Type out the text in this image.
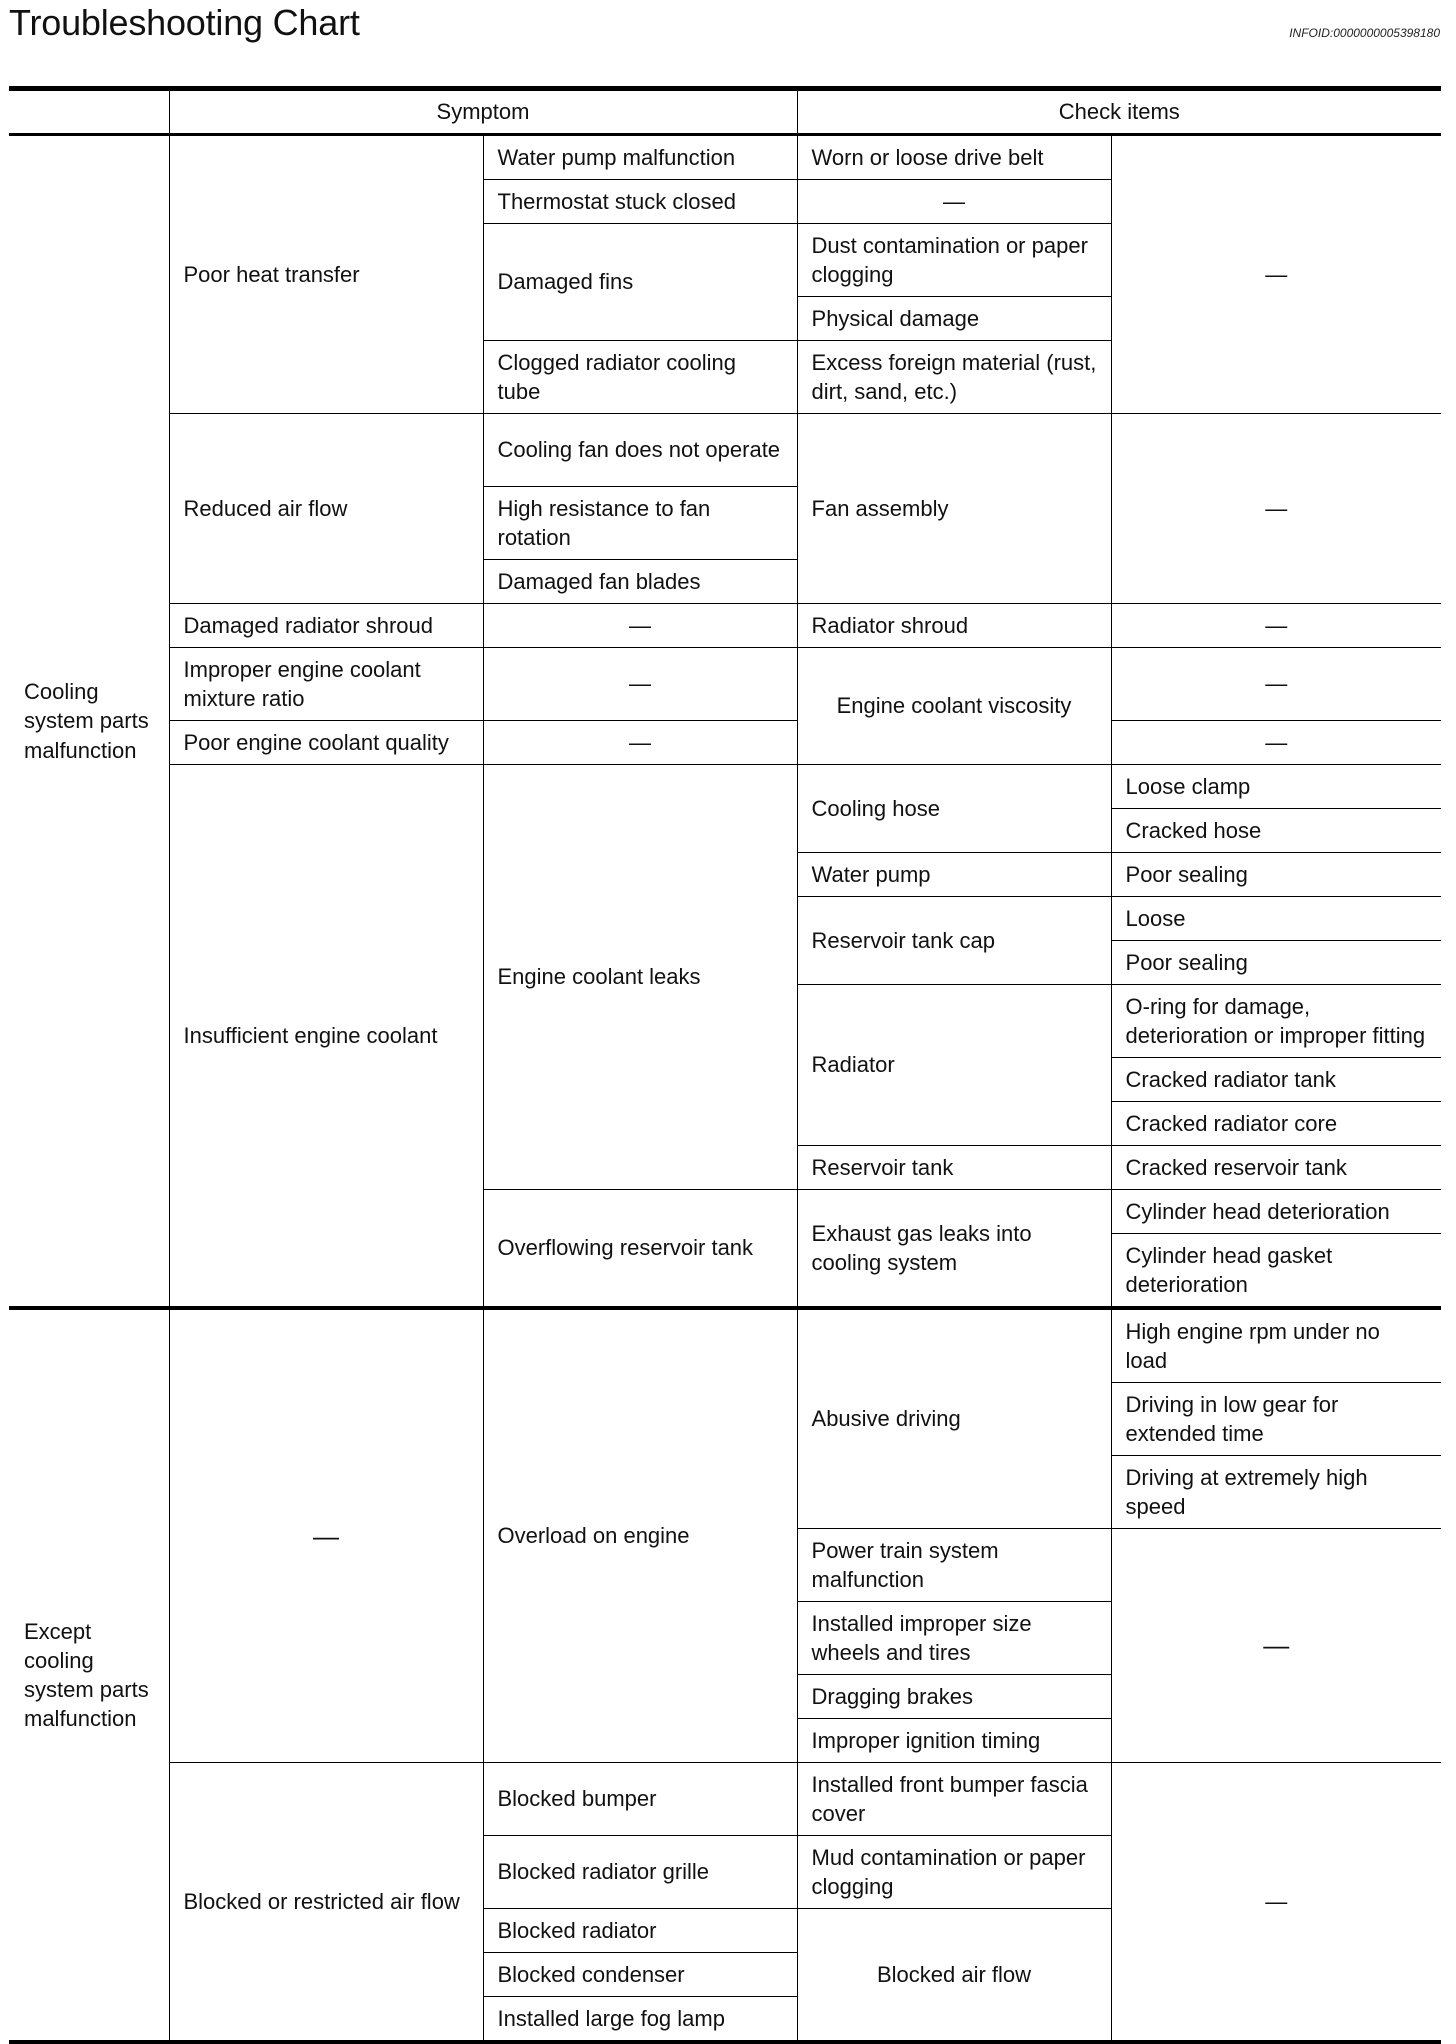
Troubleshooting Chart	INFOID:0000000005398180
	Symptom		Check items	
Cooling system parts malfunction	Poor heat transfer	Water pump malfunction	Worn or loose drive belt	—
		Thermostat stuck closed	—	
		Damaged fins	Dust contamination or paper clogging	
			Physical damage	
		Clogged radiator cooling tube	Excess foreign material (rust, dirt, sand, etc.)	
	Reduced air flow	Cooling fan does not operate	Fan assembly	—
		High resistance to fan rotation		
		Damaged fan blades		
	Damaged radiator shroud	—	Radiator shroud	—
	Improper engine coolant mixture ratio	—	Engine coolant viscosity	—
	Poor engine coolant quality	—		—
	Insufficient engine coolant	Engine coolant leaks	Cooling hose	Loose clamp
				Cracked hose
			Water pump	Poor sealing
			Reservoir tank cap	Loose
				Poor sealing
			Radiator	O-ring for damage, deterioration or improper fitting
				Cracked radiator tank
				Cracked radiator core
			Reservoir tank	Cracked reservoir tank
		Overflowing reservoir tank	Exhaust gas leaks into cooling system	Cylinder head deterioration
				Cylinder head gasket deterioration
Except cooling system parts malfunction	—	Overload on engine	Abusive driving	High engine rpm under no load
				Driving in low gear for extended time
				Driving at extremely high speed
			Power train system malfunction	—
			Installed improper size wheels and tires	
			Dragging brakes	
			Improper ignition timing	
	Blocked or restricted air flow	Blocked bumper	Installed front bumper fascia cover	—
		Blocked radiator grille	Mud contamination or paper clogging	
		Blocked radiator	Blocked air flow	
		Blocked condenser		
		Installed large fog lamp		
